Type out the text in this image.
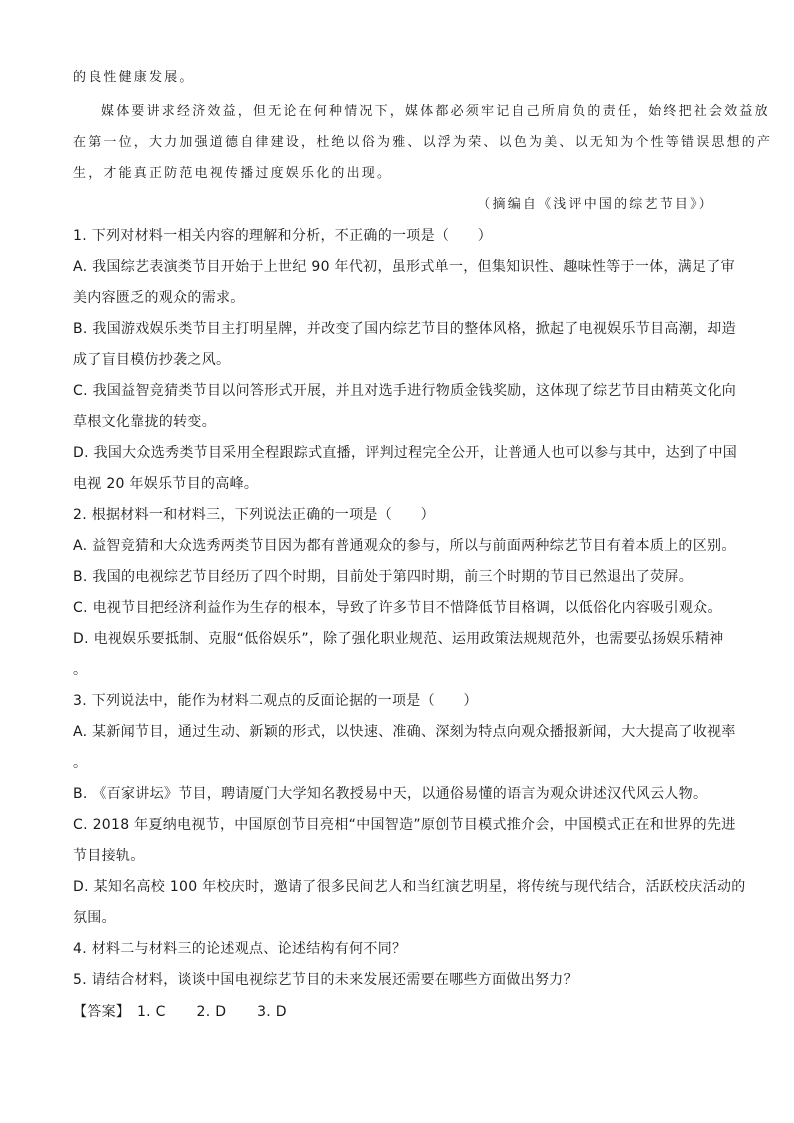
的良性健康发展。
媒体要讲求经济效益，但无论在何种情况下，媒体都必须牢记自己所肩负的责任，始终把社会效益放
在第一位，大力加强道德自律建设，杜绝以俗为雅、以浮为荣、以色为美、以无知为个性等错误思想的产
生，才能真正防范电视传播过度娱乐化的出现。
（摘编自《浅评中国的综艺节目》）
1. 下列对材料一相关内容的理解和分析，不正确的一项是（　　）
A. 我国综艺表演类节目开始于上世纪 90 年代初，虽形式单一，但集知识性、趣味性等于一体，满足了审
美内容匮乏的观众的需求。
B. 我国游戏娱乐类节目主打明星牌，并改变了国内综艺节目的整体风格，掀起了电视娱乐节目高潮，却造
成了盲目模仿抄袭之风。
C. 我国益智竞猜类节目以问答形式开展，并且对选手进行物质金钱奖励，这体现了综艺节目由精英文化向
草根文化靠拢的转变。
D. 我国大众选秀类节目采用全程跟踪式直播，评判过程完全公开，让普通人也可以参与其中，达到了中国
电视 20 年娱乐节目的高峰。
2. 根据材料一和材料三，下列说法正确的一项是（　　）
A. 益智竞猜和大众选秀两类节目因为都有普通观众的参与，所以与前面两种综艺节目有着本质上的区别。
B. 我国的电视综艺节目经历了四个时期，目前处于第四时期，前三个时期的节目已然退出了荧屏。
C. 电视节目把经济利益作为生存的根本，导致了许多节目不惜降低节目格调，以低俗化内容吸引观众。
D. 电视娱乐要抵制、克服“低俗娱乐”，除了强化职业规范、运用政策法规规范外，也需要弘扬娱乐精神
。
3. 下列说法中，能作为材料二观点的反面论据的一项是（　　）
A. 某新闻节目，通过生动、新颖的形式，以快速、准确、深刻为特点向观众播报新闻，大大提高了收视率
。
B. 《百家讲坛》节目，聘请厦门大学知名教授易中天，以通俗易懂的语言为观众讲述汉代风云人物。
C. 2018 年夏纳电视节，中国原创节目亮相“中国智造”原创节目模式推介会，中国模式正在和世界的先进
节目接轨。
D. 某知名高校 100 年校庆时，邀请了很多民间艺人和当红演艺明星，将传统与现代结合，活跃校庆活动的
氛围。
4. 材料二与材料三的论述观点、论述结构有何不同？
5. 请结合材料，谈谈中国电视综艺节目的未来发展还需要在哪些方面做出努力？
【答案】 1. C 2. D 3. D
